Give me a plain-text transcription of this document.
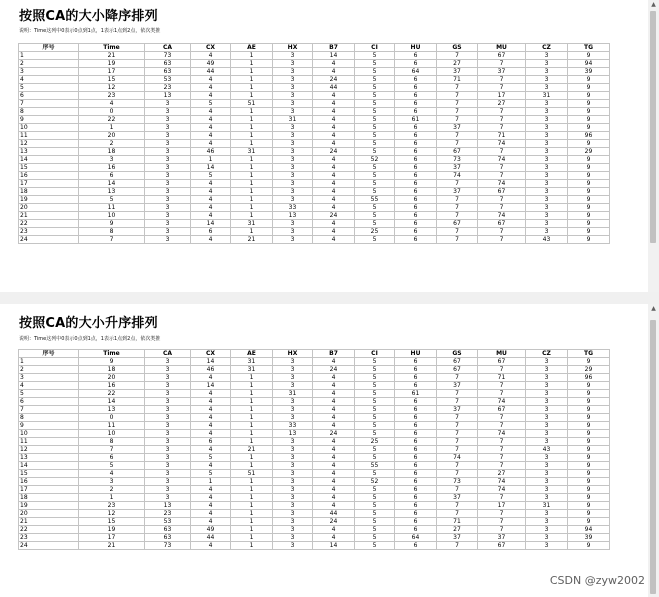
按照CA的大小降序排列
说明：Time这列中0表示0点到1点，1表示1点到2点，依次类推
序号	Time	CA	CX	AE	HX	B7	CI	HU	GS	MU	CZ	TG
1	21	73	4	1	3	14	5	6	7	67	3	9
2	19	63	49	1	3	4	5	6	27	7	3	94
3	17	63	44	1	3	4	5	64	37	37	3	39
4	15	53	4	1	3	24	5	6	71	7	3	9
5	12	23	4	1	3	44	5	6	7	7	3	9
6	23	13	4	1	3	4	5	6	7	17	31	9
7	4	3	5	51	3	4	5	6	7	27	3	9
8	0	3	4	1	3	4	5	6	7	7	3	9
9	22	3	4	1	31	4	5	61	7	7	3	9
10	1	3	4	1	3	4	5	6	37	7	3	9
11	20	3	4	1	3	4	5	6	7	71	3	96
12	2	3	4	1	3	4	5	6	7	74	3	9
13	18	3	46	31	3	24	5	6	67	7	3	29
14	3	3	1	1	3	4	52	6	73	74	3	9
15	16	3	14	1	3	4	5	6	37	7	3	9
16	6	3	5	1	3	4	5	6	74	7	3	9
17	14	3	4	1	3	4	5	6	7	74	3	9
18	13	3	4	1	3	4	5	6	37	67	3	9
19	5	3	4	1	3	4	55	6	7	7	3	9
20	11	3	4	1	33	4	5	6	7	7	3	9
21	10	3	4	1	13	24	5	6	7	74	3	9
22	9	3	14	31	3	4	5	6	67	67	3	9
23	8	3	6	1	3	4	25	6	7	7	3	9
24	7	3	4	21	3	4	5	6	7	7	43	9
按照CA的大小升序排列
说明：Time这列中0表示0点到1点，1表示1点到2点，依次类推
序号	Time	CA	CX	AE	HX	B7	CI	HU	GS	MU	CZ	TG
1	9	3	14	31	3	4	5	6	67	67	3	9
2	18	3	46	31	3	24	5	6	67	7	3	29
3	20	3	4	1	3	4	5	6	7	71	3	96
4	16	3	14	1	3	4	5	6	37	7	3	9
5	22	3	4	1	31	4	5	61	7	7	3	9
6	14	3	4	1	3	4	5	6	7	74	3	9
7	13	3	4	1	3	4	5	6	37	67	3	9
8	0	3	4	1	3	4	5	6	7	7	3	9
9	11	3	4	1	33	4	5	6	7	7	3	9
10	10	3	4	1	13	24	5	6	7	74	3	9
11	8	3	6	1	3	4	25	6	7	7	3	9
12	7	3	4	21	3	4	5	6	7	7	43	9
13	6	3	5	1	3	4	5	6	74	7	3	9
14	5	3	4	1	3	4	55	6	7	7	3	9
15	4	3	5	51	3	4	5	6	7	27	3	9
16	3	3	1	1	3	4	52	6	73	74	3	9
17	2	3	4	1	3	4	5	6	7	74	3	9
18	1	3	4	1	3	4	5	6	37	7	3	9
19	23	13	4	1	3	4	5	6	7	17	31	9
20	12	23	4	1	3	44	5	6	7	7	3	9
21	15	53	4	1	3	24	5	6	71	7	3	9
22	19	63	49	1	3	4	5	6	27	7	3	94
23	17	63	44	1	3	4	5	64	37	37	3	39
24	21	73	4	1	3	14	5	6	7	67	3	9
▲
▲
CSDN @zyw2002
